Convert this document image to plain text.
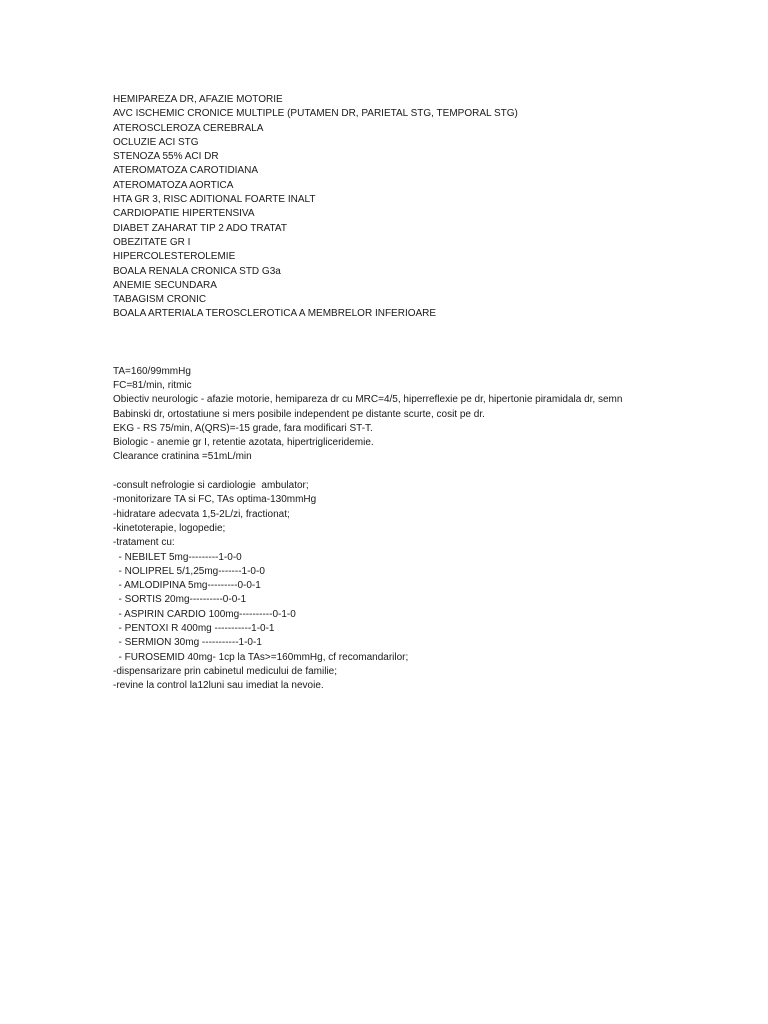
HEMIPAREZA DR, AFAZIE MOTORIE
AVC ISCHEMIC CRONICE MULTIPLE (PUTAMEN DR, PARIETAL STG, TEMPORAL STG)
ATEROSCLEROZA CEREBRALA
OCLUZIE ACI STG
STENOZA 55% ACI DR
ATEROMATOZA CAROTIDIANA
ATEROMATOZA AORTICA
HTA GR 3, RISC ADITIONAL FOARTE INALT
CARDIOPATIE HIPERTENSIVA
DIABET ZAHARAT TIP 2 ADO TRATAT
OBEZITATE GR I
HIPERCOLESTEROLEMIE
BOALA RENALA CRONICA STD G3a
ANEMIE SECUNDARA
TABAGISM CRONIC
BOALA ARTERIALA TEROSCLEROTICA A MEMBRELOR INFERIOARE
TA=160/99mmHg
FC=81/min, ritmic
Obiectiv neurologic - afazie motorie, hemipareza dr cu MRC=4/5, hiperreflexie pe dr, hipertonie piramidala dr, semn
Babinski dr, ortostatiune si mers posibile independent pe distante scurte, cosit pe dr.
EKG - RS 75/min, A(QRS)=-15 grade, fara modificari ST-T.
Biologic - anemie gr I, retentie azotata, hipertrigliceridemie.
Clearance cratinina =51mL/min
-consult nefrologie si cardiologie  ambulator;
-monitorizare TA si FC, TAs optima-130mmHg
-hidratare adecvata 1,5-2L/zi, fractionat;
-kinetoterapie, logopedie;
-tratament cu:
- NEBILET 5mg---------1-0-0
- NOLIPREL 5/1,25mg-------1-0-0
- AMLODIPINA 5mg---------0-0-1
- SORTIS 20mg----------0-0-1
- ASPIRIN CARDIO 100mg----------0-1-0
- PENTOXI R 400mg -----------1-0-1
- SERMION 30mg -----------1-0-1
- FUROSEMID 40mg- 1cp la TAs>=160mmHg, cf recomandarilor;
-dispensarizare prin cabinetul medicului de familie;
-revine la control la12luni sau imediat la nevoie.
